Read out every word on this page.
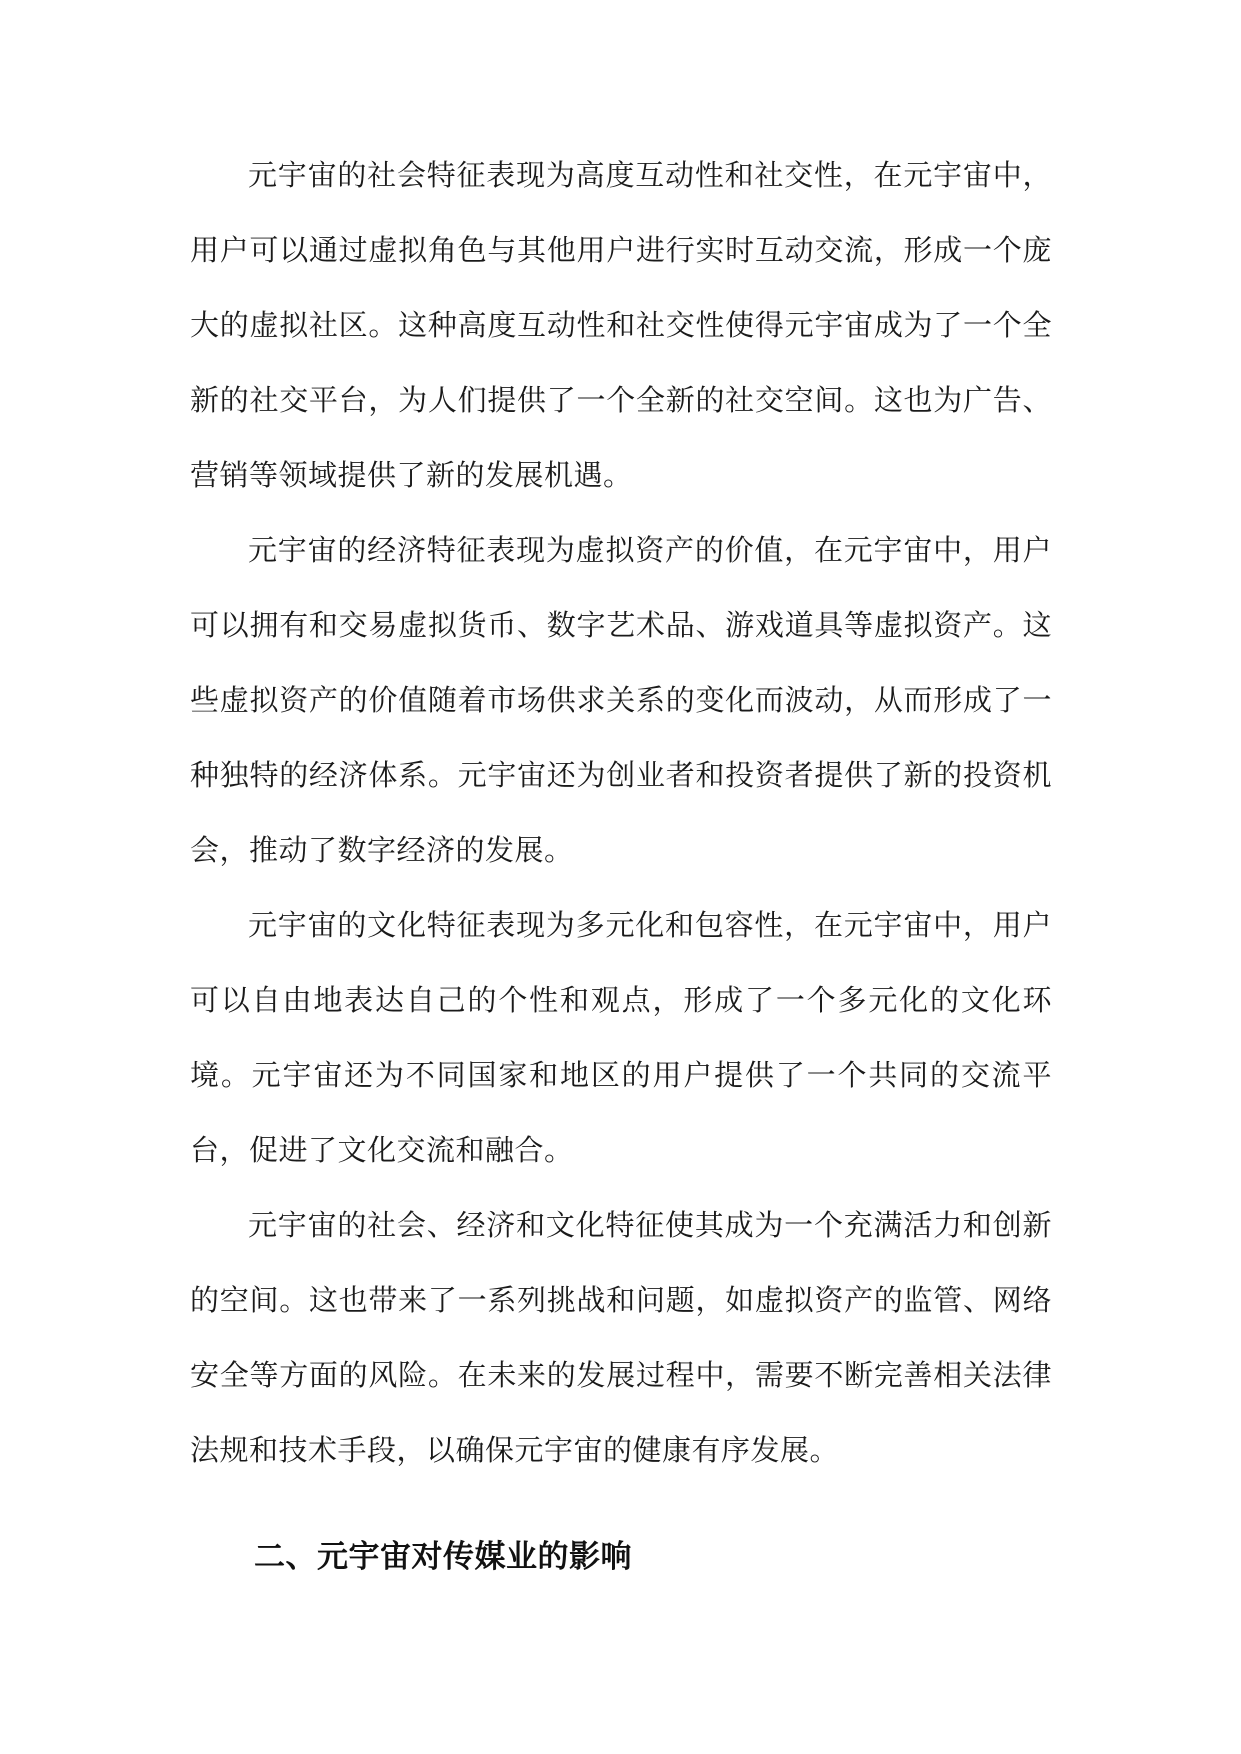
元宇宙的社会特征表现为高度互动性和社交性，在元宇宙中，用户可以通过虚拟角色与其他用户进行实时互动交流，形成一个庞大的虚拟社区。这种高度互动性和社交性使得元宇宙成为了一个全新的社交平台，为人们提供了一个全新的社交空间。这也为广告、营销等领域提供了新的发展机遇。

元宇宙的经济特征表现为虚拟资产的价值，在元宇宙中，用户可以拥有和交易虚拟货币、数字艺术品、游戏道具等虚拟资产。这些虚拟资产的价值随着市场供求关系的变化而波动，从而形成了一种独特的经济体系。元宇宙还为创业者和投资者提供了新的投资机会，推动了数字经济的发展。

元宇宙的文化特征表现为多元化和包容性，在元宇宙中，用户可以自由地表达自己的个性和观点，形成了一个多元化的文化环境。元宇宙还为不同国家和地区的用户提供了一个共同的交流平台，促进了文化交流和融合。

元宇宙的社会、经济和文化特征使其成为一个充满活力和创新的空间。这也带来了一系列挑战和问题，如虚拟资产的监管、网络安全等方面的风险。在未来的发展过程中，需要不断完善相关法律法规和技术手段，以确保元宇宙的健康有序发展。

二、元宇宙对传媒业的影响
